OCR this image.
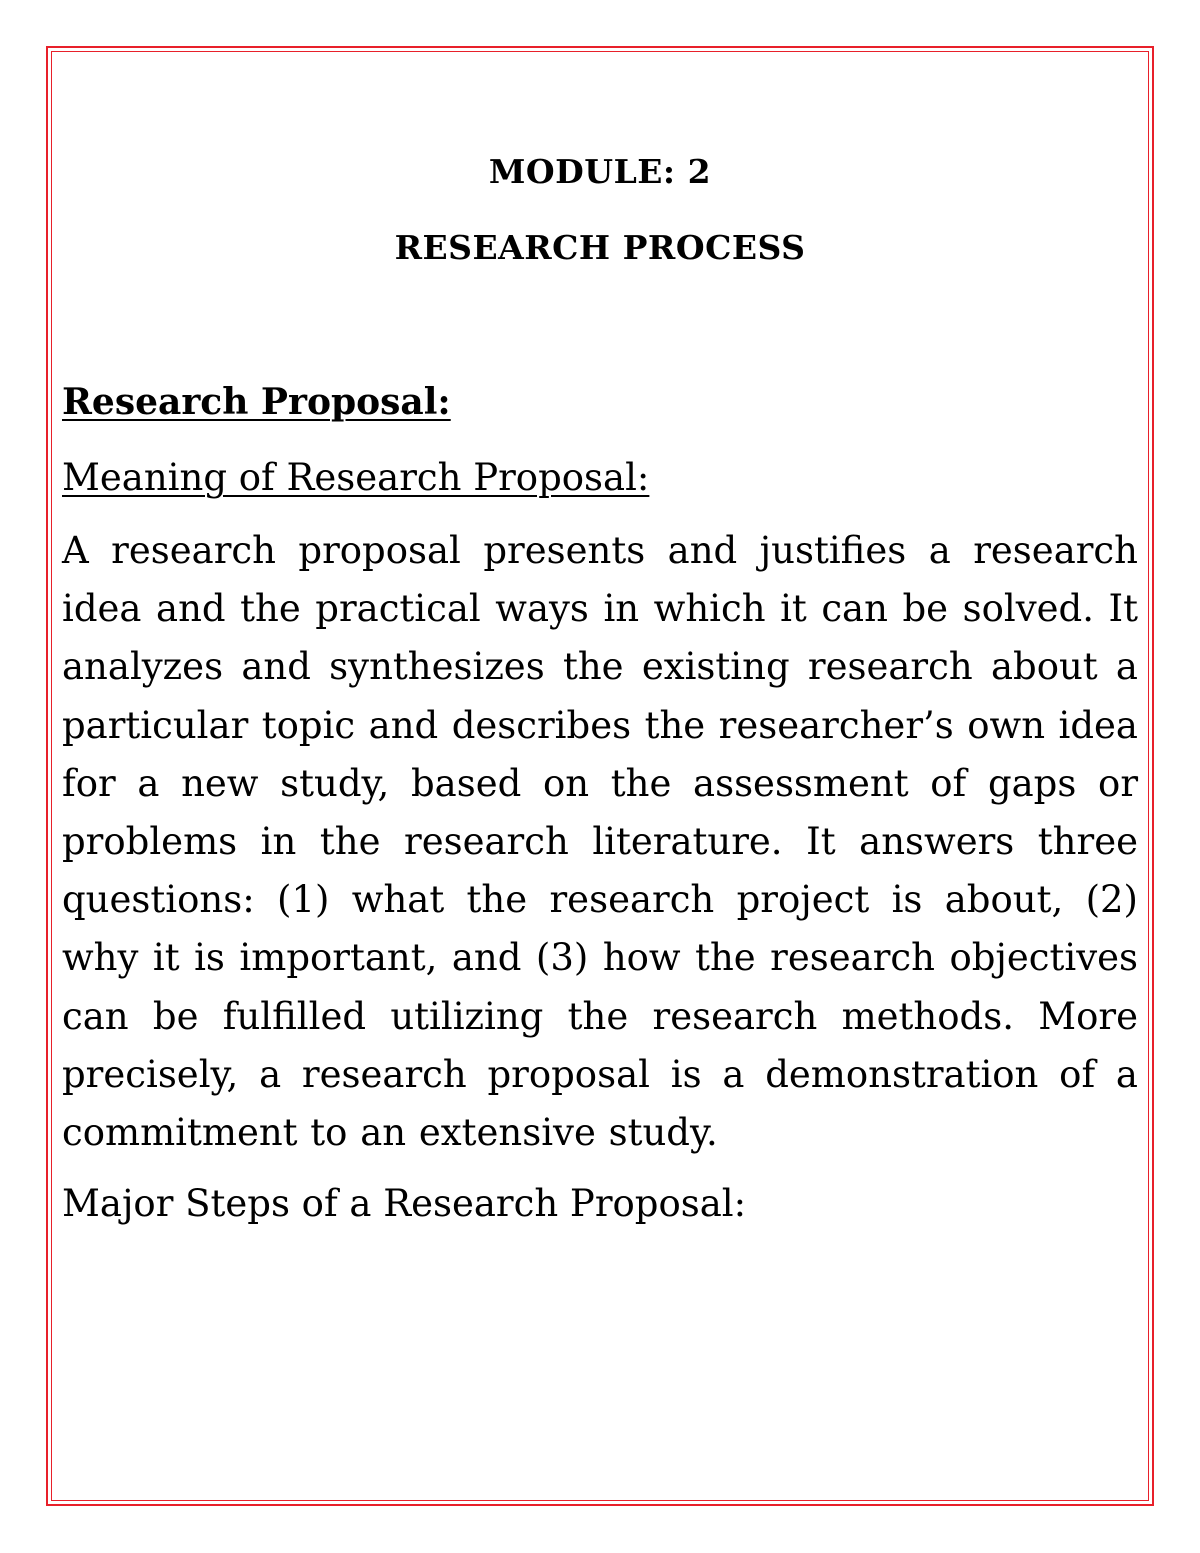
MODULE: 2
RESEARCH PROCESS
Research Proposal:
Meaning of Research Proposal:

A research proposal presents and justifies a research idea and the practical ways in which it can be solved. It analyzes and synthesizes the existing research about a particular topic and describes the researcher’s own idea for a new study, based on the assessment of gaps or problems in the research literature. It answers three questions: (1) what the research project is about, (2) why it is important, and (3) how the research objectives can be fulfilled utilizing the research methods. More precisely, a research proposal is a demonstration of a commitment to an extensive study.

Major Steps of a Research Proposal:
